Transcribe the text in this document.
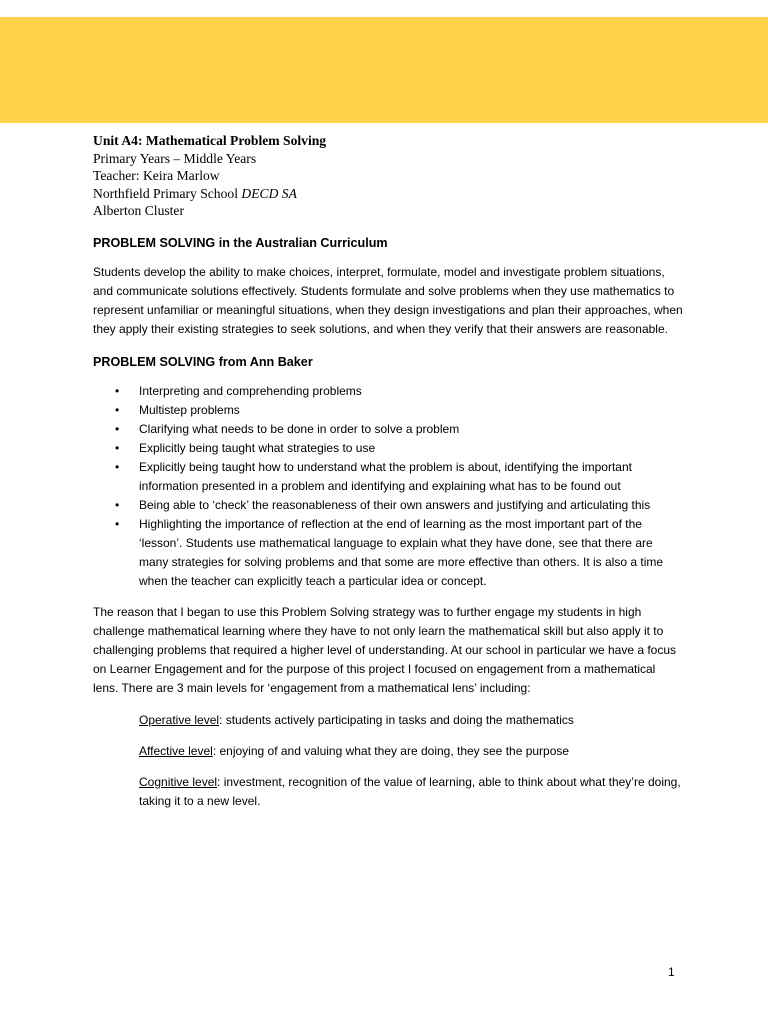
Unit A4: Mathematical Problem Solving
Primary Years – Middle Years
Teacher: Keira Marlow
Northfield Primary School DECD SA
Alberton Cluster
PROBLEM SOLVING in the Australian Curriculum
Students develop the ability to make choices, interpret, formulate, model and investigate problem situations, and communicate solutions effectively. Students formulate and solve problems when they use mathematics to represent unfamiliar or meaningful situations, when they design investigations and plan their approaches, when they apply their existing strategies to seek solutions, and when they verify that their answers are reasonable.
PROBLEM SOLVING from Ann Baker
• Interpreting and comprehending problems
• Multistep problems
• Clarifying what needs to be done in order to solve a problem
• Explicitly being taught what strategies to use
• Explicitly being taught how to understand what the problem is about, identifying the important information presented in a problem and identifying and explaining what has to be found out
• Being able to ‘check’ the reasonableness of their own answers and justifying and articulating this
• Highlighting the importance of reflection at the end of learning as the most important part of the ‘lesson’. Students use mathematical language to explain what they have done, see that there are many strategies for solving problems and that some are more effective than others. It is also a time when the teacher can explicitly teach a particular idea or concept.
The reason that I began to use this Problem Solving strategy was to further engage my students in high challenge mathematical learning where they have to not only learn the mathematical skill but also apply it to challenging problems that required a higher level of understanding. At our school in particular we have a focus on Learner Engagement and for the purpose of this project I focused on engagement from a mathematical lens. There are 3 main levels for ‘engagement from a mathematical lens’ including:
Operative level: students actively participating in tasks and doing the mathematics
Affective level: enjoying of and valuing what they are doing, they see the purpose
Cognitive level: investment, recognition of the value of learning, able to think about what they’re doing, taking it to a new level.
1
